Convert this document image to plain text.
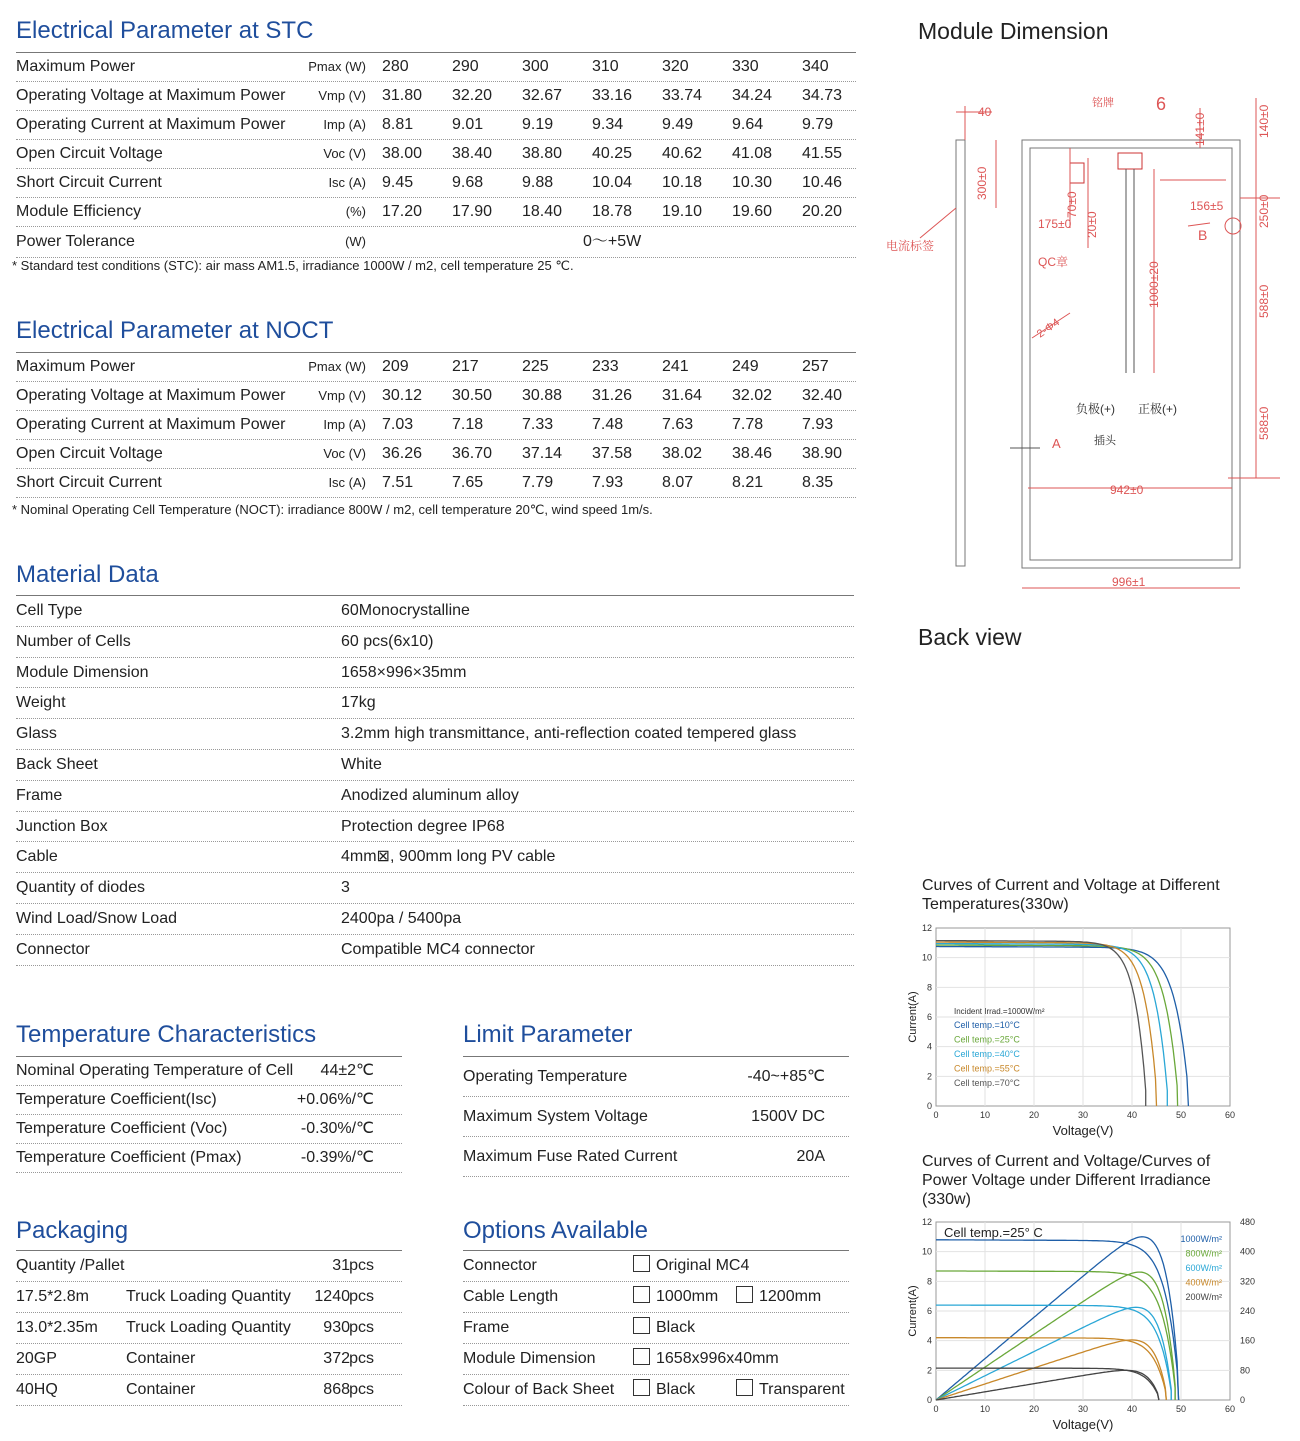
Electrical Parameter at STC
Maximum Power	Pmax (W) 280	290	300	310	320	330	340
Operating Voltage at Maximum Power	Vmp (V) 31.80 32.20 32.67 33.16 33.74 34.24 34.73
Operating Current at Maximum Power	Imp (A) 8.81 9.01 9.19 9.34 9.49 9.64 9.79
Open Circuit Voltage	Voc (V) 38.00 38.40 38.80 40.25 40.62 41.08 41.55
Short Circuit Current	Isc (A) 9.45 9.68 9.88 10.04 10.18 10.30 10.46
Module Efficiency	(%) 17.20 17.90 18.40 18.78 19.10 19.60 20.20
Power Tolerance	(W)	0～+5W
* Standard test conditions (STC): air mass AM1.5, irradiance 1000W / m2, cell temperature 25 ℃.
Electrical Parameter at NOCT
Maximum Power	Pmax (W) 209	217	225	233	241	249	257
Operating Voltage at Maximum Power	Vmp (V) 30.12 30.50 30.88 31.26 31.64 32.02 32.40
Operating Current at Maximum Power	Imp (A) 7.03 7.18 7.33 7.48 7.63 7.78 7.93
Open Circuit Voltage	Voc (V) 36.26 36.70 37.14 37.58 38.02 38.46 38.90
Short Circuit Current	Isc (A) 7.51 7.65 7.79 7.93 8.07 8.21 8.35
* Nominal Operating Cell Temperature (NOCT): irradiance 800W / m2, cell temperature 20℃, wind speed 1m/s.
Material Data
Cell Type	60Monocrystalline
Number of Cells	60 pcs(6x10)
Module Dimension	1658×996×35mm
Weight	17kg
Glass	3.2mm high transmittance, anti-reflection coated tempered glass
Back Sheet	White
Frame	Anodized aluminum alloy
Junction Box	Protection degree IP68
Cable	4mm⊠, 900mm long PV cable
Quantity of diodes	3
Wind Load/Snow Load	2400pa / 5400pa
Connector	Compatible MC4 connector
Temperature Characteristics
Nominal Operating Temperature of Cell 44±2℃
Temperature Coefficient(Isc)	+0.06%/℃
Temperature Coefficient (Voc)	-0.30%/℃
Temperature Coefficient (Pmax)	-0.39%/℃
Limit Parameter
Operating Temperature	-40~+85℃
Maximum System Voltage	1500V DC
Maximum Fuse Rated Current	20A
Packaging
Quantity /Pallet	31 pcs
17.5*2.8m Truck Loading Quantity 1240 pcs
13.0*2.35m Truck Loading Quantity 930 pcs
20GP	Container	372 pcs
40HQ	Container	868 pcs
Options Available
Connector	Original MC4
Cable Length	1000mm	1200mm
Frame	Black
Module Dimension	1658x996x40mm
Colour of Back Sheet	Black	Transparent
Module Dimension
40	6
铭牌
156±5
B
175±0
QC章
电流标签
942±0
996±1
A
2-Φ4
300±0
140±0
141±0
250±0
588±0
588±0
70±0
20±0
1000±20
负极(+) 正极(+)
插头
Back view
Curves of Current and Voltage at Different Temperatures(330w)
0	10	20	30	40	50	60
0
2
4
6
8
10
12
Voltage(V)
Current(A)	Incident Irrad.=1000W/m²
Cell temp.=10°C
Cell temp.=25°C
Cell temp.=40°C
Cell temp.=55°C
Cell temp.=70°C
Curves of Current and Voltage/Curves of Power Voltage under Different Irradiance (330w)
0	10	20	30	40	50	60
0
2
4
6
8
10
12
0
80
160
240
320
400
480
Voltage(V)
Current(A)
1000W/m²
800W/m²
600W/m²
400W/m²
200W/m²
Cell temp.=25° C
